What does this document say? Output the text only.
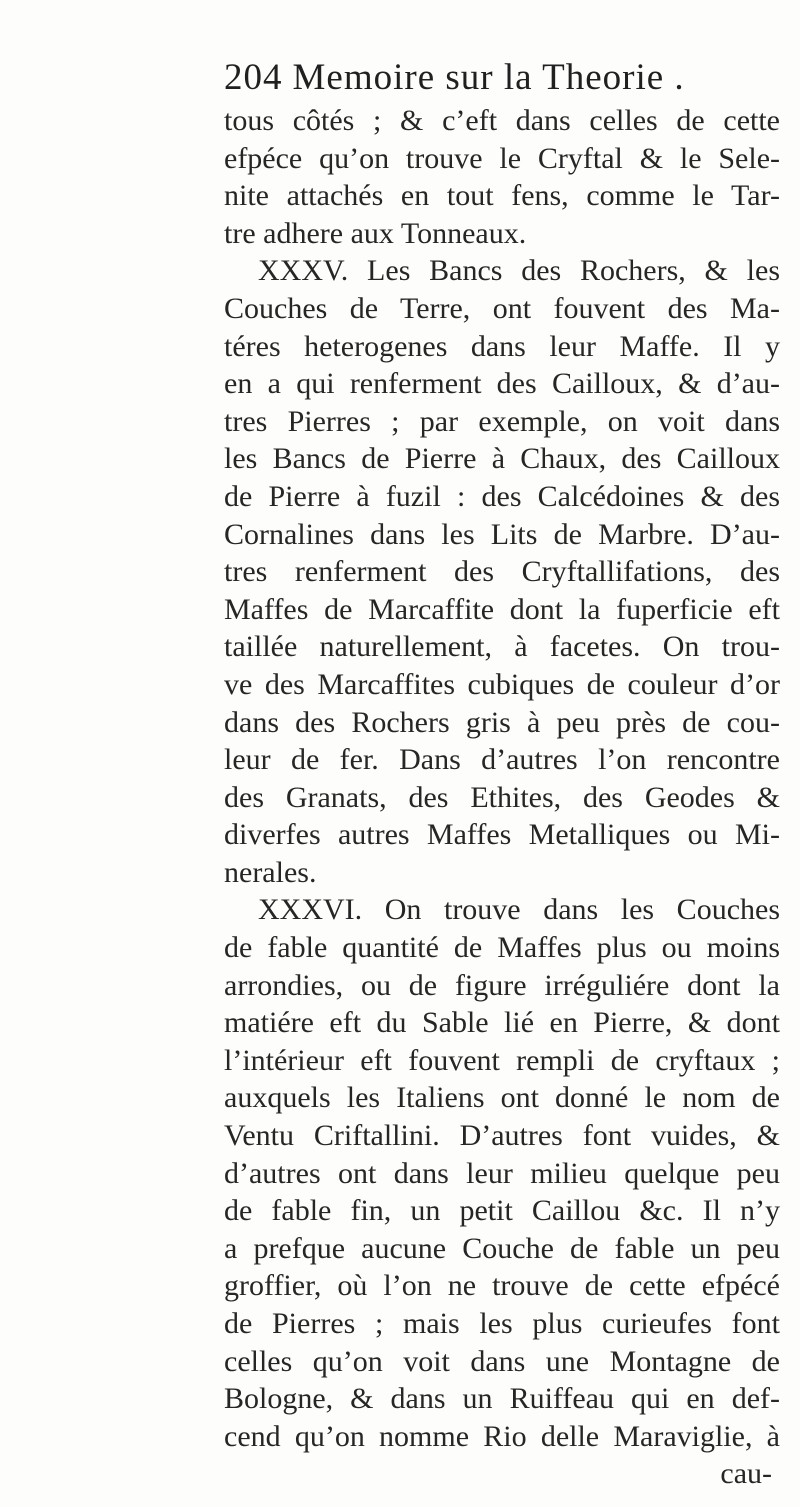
204 Memoire sur la Theorie .
tous côtés ; & c’eft dans celles de cette
efpéce qu’on trouve le Cryftal & le Sele-
nite attachés en tout fens, comme le Tar-
tre adhere aux Tonneaux.
XXXV. Les Bancs des Rochers, & les
Couches de Terre, ont fouvent des Ma-
téres heterogenes dans leur Maffe. Il y
en a qui renferment des Cailloux, & d’au-
tres Pierres ; par exemple, on voit dans
les Bancs de Pierre à Chaux, des Cailloux
de Pierre à fuzil : des Calcédoines & des
Cornalines dans les Lits de Marbre. D’au-
tres renferment des Cryftallifations, des
Maffes de Marcaffite dont la fuperficie eft
taillée naturellement, à facetes. On trou-
ve des Marcaffites cubiques de couleur d’or
dans des Rochers gris à peu près de cou-
leur de fer. Dans d’autres l’on rencontre
des Granats, des Ethites, des Geodes &
diverfes autres Maffes Metalliques ou Mi-
nerales.
XXXVI. On trouve dans les Couches
de fable quantité de Maffes plus ou moins
arrondies, ou de figure irréguliére dont la
matiére eft du Sable lié en Pierre, & dont
l’intérieur eft fouvent rempli de cryftaux ;
auxquels les Italiens ont donné le nom de
Ventu Criftallini. D’autres font vuides, &
d’autres ont dans leur milieu quelque peu
de fable fin, un petit Caillou &c. Il n’y
a prefque aucune Couche de fable un peu
groffier, où l’on ne trouve de cette efpécé
de Pierres ; mais les plus curieufes font
celles qu’on voit dans une Montagne de
Bologne, & dans un Ruiffeau qui en def-
cend qu’on nomme Rio delle Maraviglie, à
cau-
